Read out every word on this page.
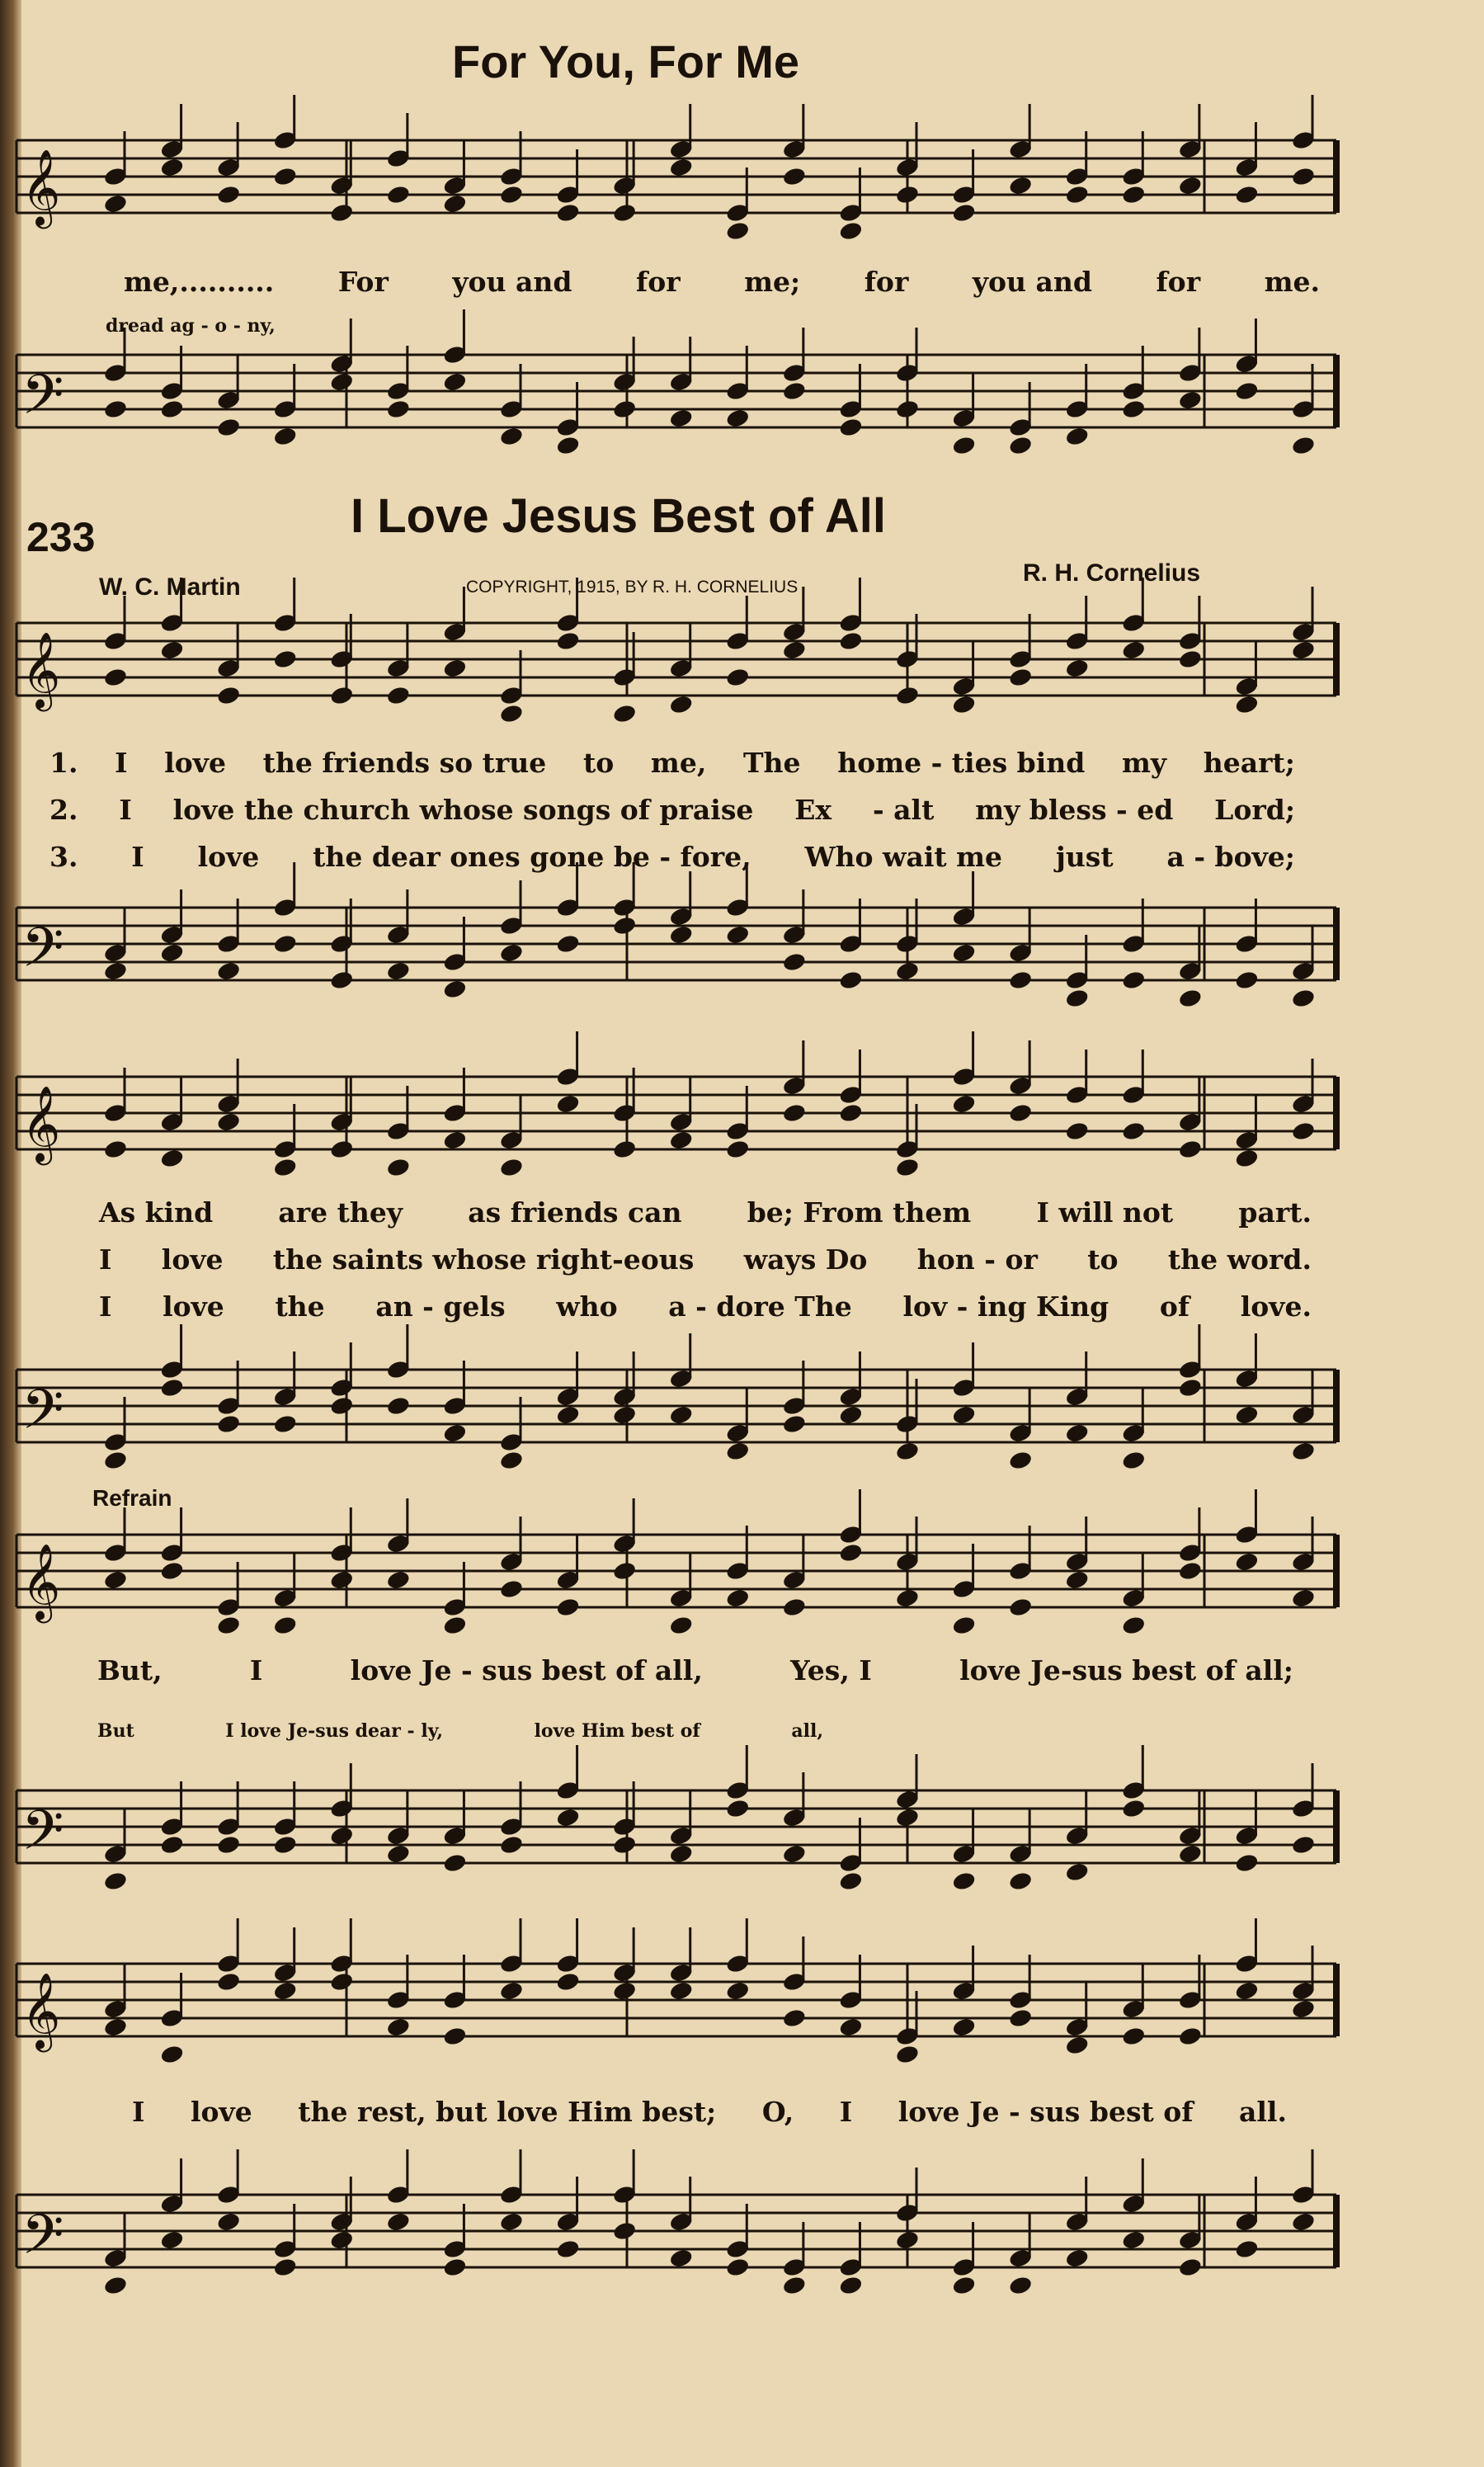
For You, For Me
𝄞
me,.......... For you and for me; for you and for me.
dread ag - o - ny,
𝄢
233	I Love Jesus Best of All
W. C. Martin	COPYRIGHT, 1915, BY R. H. CORNELIUS
R. H. Cornelius
𝄞
1. I love the friends so true to me, The home - ties bind my heart;
2. I love the church whose songs of praise Ex - alt my bless - ed Lord;
3. I love the dear ones gone be - fore, Who wait me just a - bove;
𝄢
𝄞
As kind are they as friends can be; From them I will not part.
I love the saints whose right-eous ways Do hon - or to the word.
I love the an - gels who a - dore The lov - ing King of love.
𝄢
Refrain
𝄞
But,	I	love Je - sus best of all,	Yes, I	love Je-sus best of all;
But	I love Je-sus dear - ly,	love Him best of	all,
𝄢
𝄞
I love the rest, but love Him best; O, I love Je - sus best of all.
𝄢
